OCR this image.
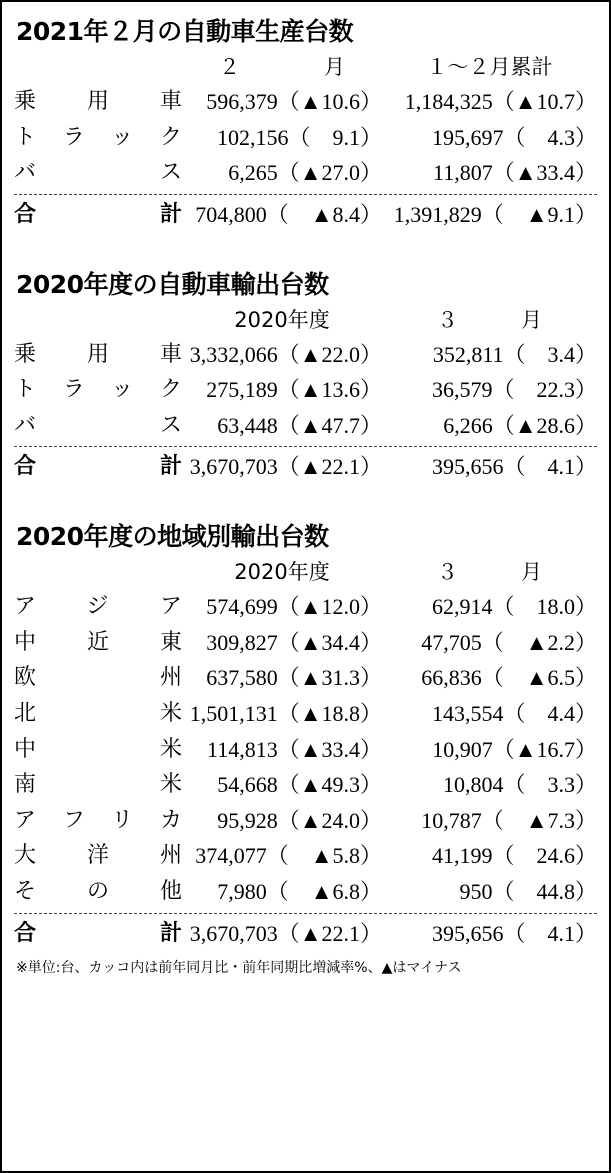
2021年２月の自動車生産台数
	２　　　　月	１〜２月累計
乗用車	596,379（▲10.6）	1,184,325（▲10.7）
トラック	102,156（　9.1）	195,697（　4.3）
バス	6,265（▲27.0）	11,807（▲33.4）
合計	704,800（　▲8.4）	1,391,829（　▲9.1）
2020年度の自動車輸出台数
	2020年度	３　　　月
乗用車	3,332,066（▲22.0）	352,811（　3.4）
トラック	275,189（▲13.6）	36,579（　22.3）
バス	63,448（▲47.7）	6,266（▲28.6）
合計	3,670,703（▲22.1）	395,656（　4.1）
2020年度の地域別輸出台数
	2020年度	３　　　月
アジア	574,699（▲12.0）	62,914（　18.0）
中近東	309,827（▲34.4）	47,705（　▲2.2）
欧州	637,580（▲31.3）	66,836（　▲6.5）
北米	1,501,131（▲18.8）	143,554（　4.4）
中米	114,813（▲33.4）	10,907（▲16.7）
南米	54,668（▲49.3）	10,804（　3.3）
アフリカ	95,928（▲24.0）	10,787（　▲7.3）
大洋州	374,077（　▲5.8）	41,199（　24.6）
その他	7,980（　▲6.8）	950（　44.8）
合計	3,670,703（▲22.1）	395,656（　4.1）
※単位:台、カッコ内は前年同月比・前年同期比増減率%、▲はマイナス
